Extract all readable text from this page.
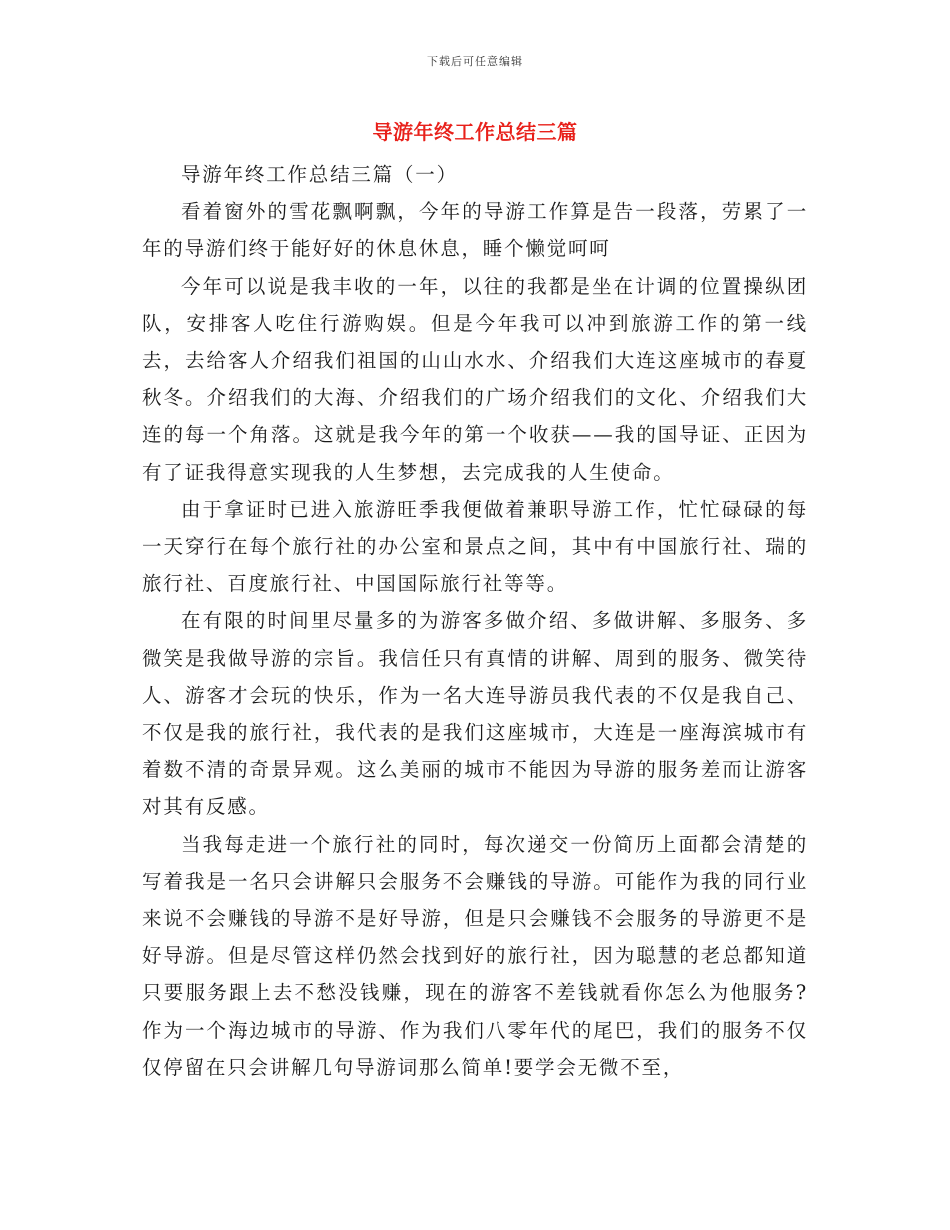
下载后可任意编辑
导游年终工作总结三篇

导游年终工作总结三篇（一）

看着窗外的雪花飘啊飘，今年的导游工作算是告一段落，劳累了一年的导游们终于能好好的休息休息，睡个懒觉呵呵

今年可以说是我丰收的一年，以往的我都是坐在计调的位置操纵团队，安排客人吃住行游购娱。但是今年我可以冲到旅游工作的第一线去，去给客人介绍我们祖国的山山水水、介绍我们大连这座城市的春夏秋冬。介绍我们的大海、介绍我们的广场介绍我们的文化、介绍我们大连的每一个角落。这就是我今年的第一个收获——我的国导证、正因为有了证我得意实现我的人生梦想，去完成我的人生使命。

由于拿证时已进入旅游旺季我便做着兼职导游工作，忙忙碌碌的每一天穿行在每个旅行社的办公室和景点之间，其中有中国旅行社、瑞的旅行社、百度旅行社、中国国际旅行社等等。

在有限的时间里尽量多的为游客多做介绍、多做讲解、多服务、多微笑是我做导游的宗旨。我信任只有真情的讲解、周到的服务、微笑待人、游客才会玩的快乐，作为一名大连导游员我代表的不仅是我自己、不仅是我的旅行社，我代表的是我们这座城市，大连是一座海滨城市有着数不清的奇景异观。这么美丽的城市不能因为导游的服务差而让游客对其有反感。

当我每走进一个旅行社的同时，每次递交一份简历上面都会清楚的写着我是一名只会讲解只会服务不会赚钱的导游。可能作为我的同行业来说不会赚钱的导游不是好导游，但是只会赚钱不会服务的导游更不是好导游。但是尽管这样仍然会找到好的旅行社，因为聪慧的老总都知道只要服务跟上去不愁没钱赚，现在的游客不差钱就看你怎么为他服务?作为一个海边城市的导游、作为我们八零年代的尾巴，我们的服务不仅仅停留在只会讲解几句导游词那么简单!要学会无微不至，
